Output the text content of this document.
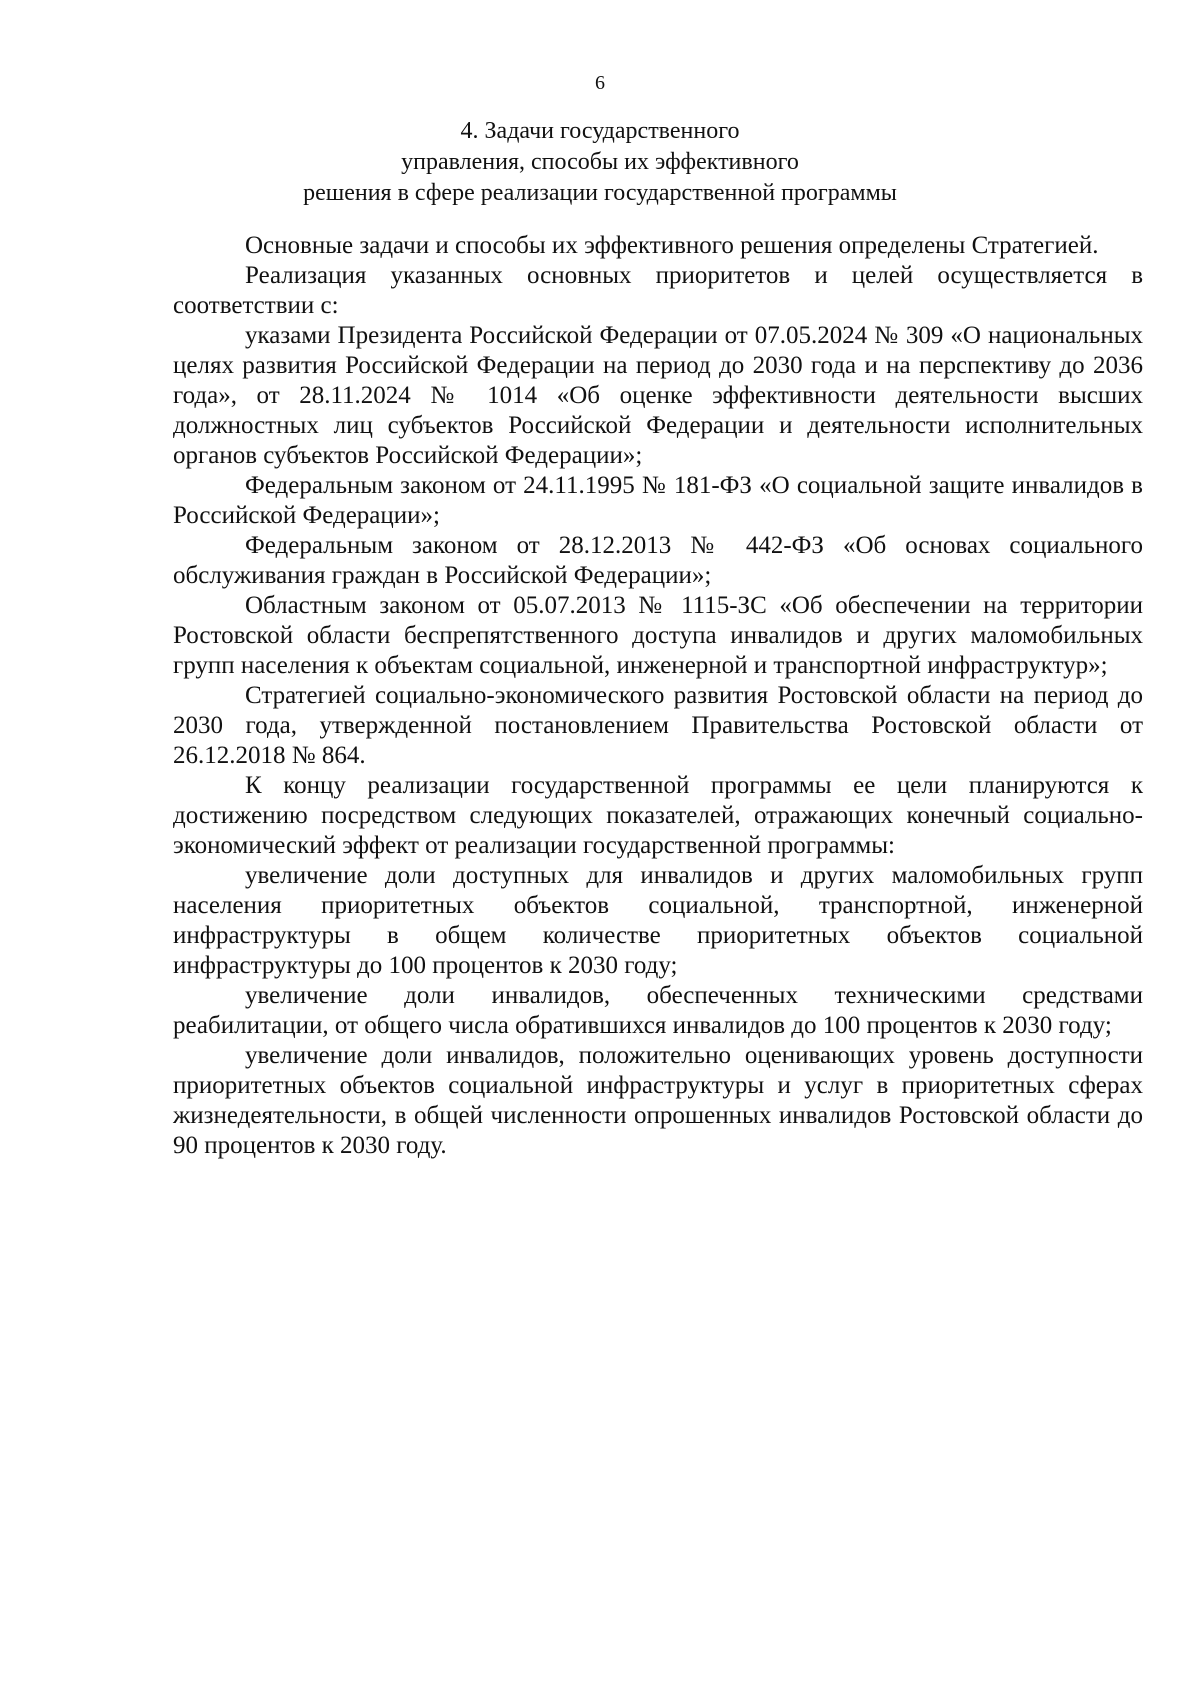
6
4. Задачи государственного
управления, способы их эффективного
решения в сфере реализации государственной программы

Основные задачи и способы их эффективного решения определены Стратегией.

Реализация указанных основных приоритетов и целей осуществляется в соответствии с:

указами Президента Российской Федерации от 07.05.2024 № 309 «О национальных целях развития Российской Федерации на период до 2030 года и на перспективу до 2036 года», от 28.11.2024 № 1014 «Об оценке эффективности деятельности высших должностных лиц субъектов Российской Федерации и деятельности исполнительных органов субъектов Российской Федерации»;

Федеральным законом от 24.11.1995 № 181-ФЗ «О социальной защите инвалидов в Российской Федерации»;

Федеральным законом от 28.12.2013 № 442-ФЗ «Об основах социального обслуживания граждан в Российской Федерации»;

Областным законом от 05.07.2013 № 1115-ЗС «Об обеспечении на территории Ростовской области беспрепятственного доступа инвалидов и других маломобильных групп населения к объектам социальной, инженерной и транспортной инфраструктур»;

Стратегией социально-экономического развития Ростовской области на период до 2030 года, утвержденной постановлением Правительства Ростовской области от 26.12.2018 № 864.

К концу реализации государственной программы ее цели планируются к достижению посредством следующих показателей, отражающих конечный социально-экономический эффект от реализации государственной программы:

увеличение доли доступных для инвалидов и других маломобильных групп населения приоритетных объектов социальной, транспортной, инженерной инфраструктуры в общем количестве приоритетных объектов социальной инфраструктуры до 100 процентов к 2030 году;

увеличение доли инвалидов, обеспеченных техническими средствами реабилитации, от общего числа обратившихся инвалидов до 100 процентов к 2030 году;

увеличение доли инвалидов, положительно оценивающих уровень доступности приоритетных объектов социальной инфраструктуры и услуг в приоритетных сферах жизнедеятельности, в общей численности опрошенных инвалидов Ростовской области до 90 процентов к 2030 году.
